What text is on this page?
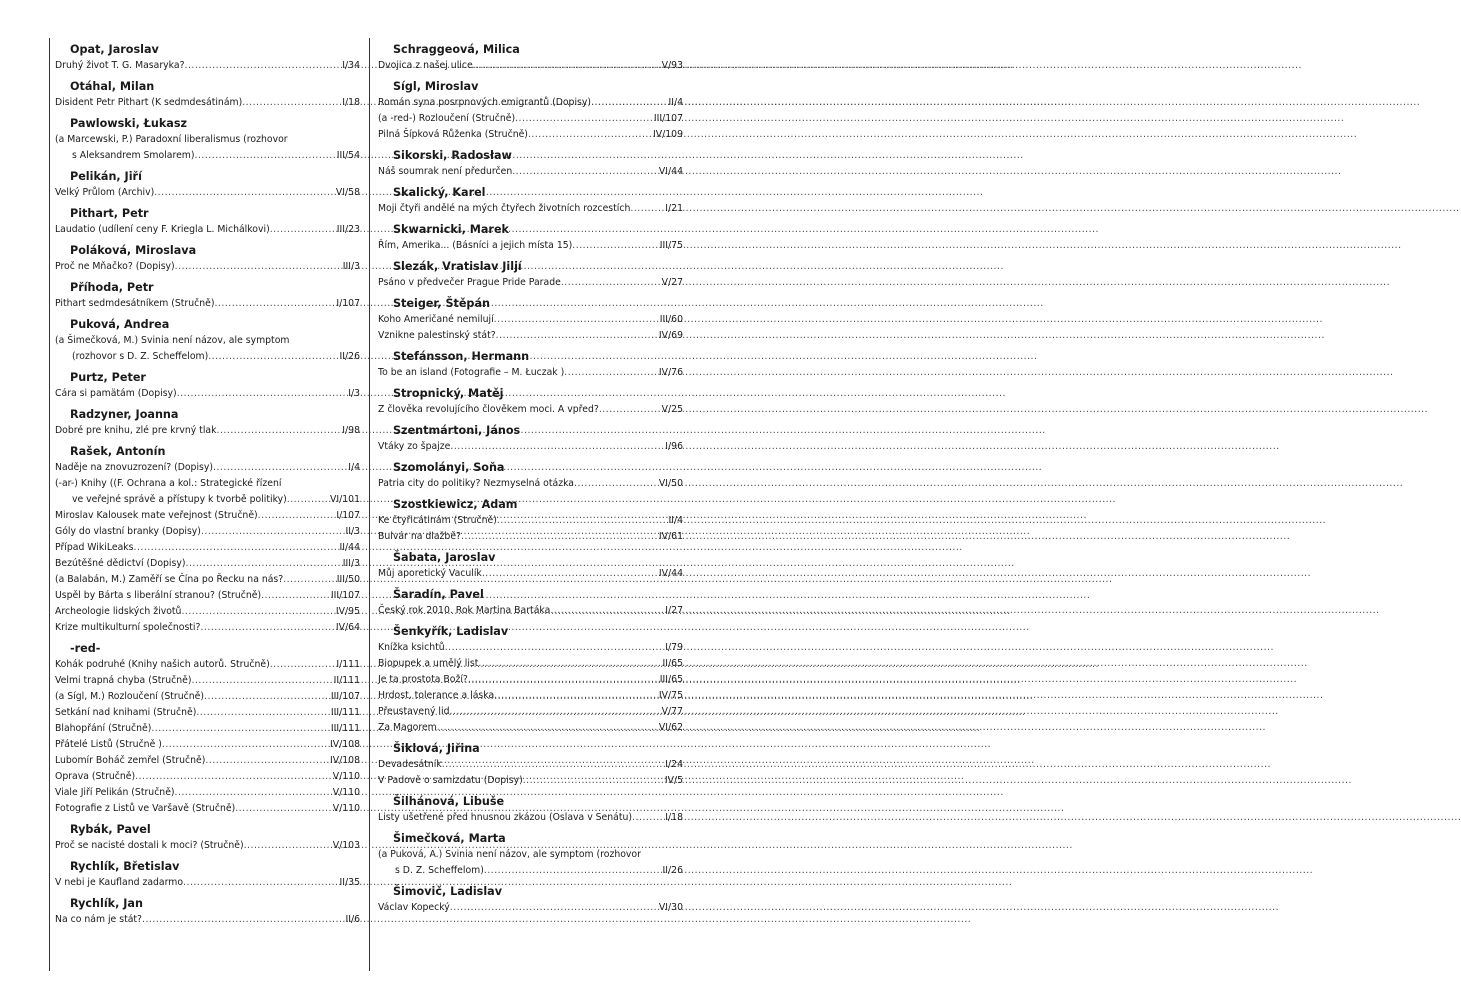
Opat, Jaroslav
Druhý život T. G. Masaryka? .....	I/34
Otáhal, Milan
Disident Petr Pithart (K sedmdesátinám) .....	I/18
Pawlowski, Łukasz
(a Marcewski, P.) Paradoxní liberalismus (rozhovor
s Aleksandrem Smolarem) .....	III/54
Pelikán, Jiří
Velký Průlom (Archiv) .....	VI/58
Pithart, Petr
Laudatio (udílení ceny F. Kriegla L. Michálkovi) .....	III/23
Poláková, Miroslava
Proč ne Mňačko? (Dopisy) .....	III/3
Příhoda, Petr
Pithart sedmdesátníkem (Stručně) .....	I/107
Puková, Andrea
(a Šimečková, M.) Svinia není názov, ale symptom
(rozhovor s D. Z. Scheffelom) .....	II/26
Purtz, Peter
Cára si pamätám (Dopisy) .....	I/3
Radzyner, Joanna
Dobré pre knihu, zlé pre krvný tlak .....	I/98
Rašek, Antonín
Naděje na znovuzrození? (Dopisy) .....	I/4
(-ar-) Knihy ((F. Ochrana a kol.: Strategické řízení
ve veřejné správě a přístupy k tvorbě politiky) .....	VI/101
Miroslav Kalousek mate veřejnost (Stručně) .....	I/107
Góly do vlastní branky (Dopisy) .....	II/3
Případ WikiLeaks .....	II/44
Bezútěšné dědictví (Dopisy) .....	III/3
(a Balabán, M.) Zaměří se Čína po Řecku na nás? .....	III/50
Uspěl by Bárta s liberální stranou? (Stručně) .....	III/107
Archeologie lidských životů .....	IV/95
Krize multikulturní společnosti? .....	IV/64
-red-
Kohák podruhé (Knihy našich autorů. Stručně) .....	I/111
Velmi trapná chyba (Stručně) .....	II/111
(a Sígl, M.) Rozloučení (Stručně) .....	III/107
Setkání nad knihami (Stručně) .....	III/111
Blahopřání (Stručně) .....	III/111
Přátelé Listů (Stručně ) .....	IV/108
Lubomír Boháč zemřel (Stručně) .....	IV/108
Oprava (Stručně) .....	V/110
Viale Jiří Pelikán (Stručně) .....	V/110
Fotografie z Listů ve Varšavě (Stručně) .....	V/110
Rybák, Pavel
Proč se nacisté dostali k moci? (Stručně) .....	V/103
Rychlík, Břetislav
V nebi je Kaufland zadarmo .....	II/35
Rychlík, Jan
Na co nám je stát? .....	II/6
Schraggeová, Milica
Dvojica z našej ulice .....	V/93
Sígl, Miroslav
Román syna posrpnových emigrantů (Dopisy) .....	II/4
(a -red-) Rozloučení (Stručně) .....	III/107
Pilná Šípková Růženka (Stručně) .....	IV/109
Sikorski, Radosław
Náš soumrak není předurčen .....	VI/44
Skalický, Karel
Moji čtyři andělé na mých čtyřech životních rozcestích .....	I/21
Skwarnicki, Marek
Řím, Amerika... (Básníci a jejich místa 15) .....	III/75
Slezák, Vratislav Jiljí
Psáno v předvečer Prague Pride Parade .....	V/27
Steiger, Štěpán
Koho Američané nemilují .....	III/60
Vznikne palestinský stát? .....	IV/69
Stefánsson, Hermann
To be an island (Fotografie – M. Łuczak ) .....	IV/76
Stropnický, Matěj
Z člověka revolujícího člověkem moci. A vpřed? .....	V/25
Szentmártoni, János
Vtáky zo špajze .....	I/96
Szomolányi, Soňa
Patria city do politiky? Nezmyselná otázka .....	VI/50
Szostkiewicz, Adam
Ke čtyřicátinám (Stručně) .....	II/4
Bulvár na dlažbě? .....	IV/61
Šabata, Jaroslav
Můj aporetický Vaculík .....	IV/44
Šaradín, Pavel
Český rok 2010. Rok Martina Bartáka .....	I/27
Šenkyřík, Ladislav
Knížka ksichtů .....	I/79
Biopupek a umělý list .....	II/65
Je ta prostota Boží? .....	III/65
Hrdost, tolerance a láska .....	IV/75
Přeustavený lid .....	V/77
Za Magorem .....	VI/62
Šiklová, Jiřina
Devadesátník .....	I/24
V Padově o samizdatu (Dopisy) .....	IV/5
Šilhánová, Libuše
Listy ušetřené před hnusnou zkázou (Oslava v Senátu) .....	I/18
Šimečková, Marta
(a Puková, A.) Svinia není názov, ale symptom (rozhovor
s D. Z. Scheffelom) .....	II/26
Šimovič, Ladislav
Václav Kopecký .....	VI/30
